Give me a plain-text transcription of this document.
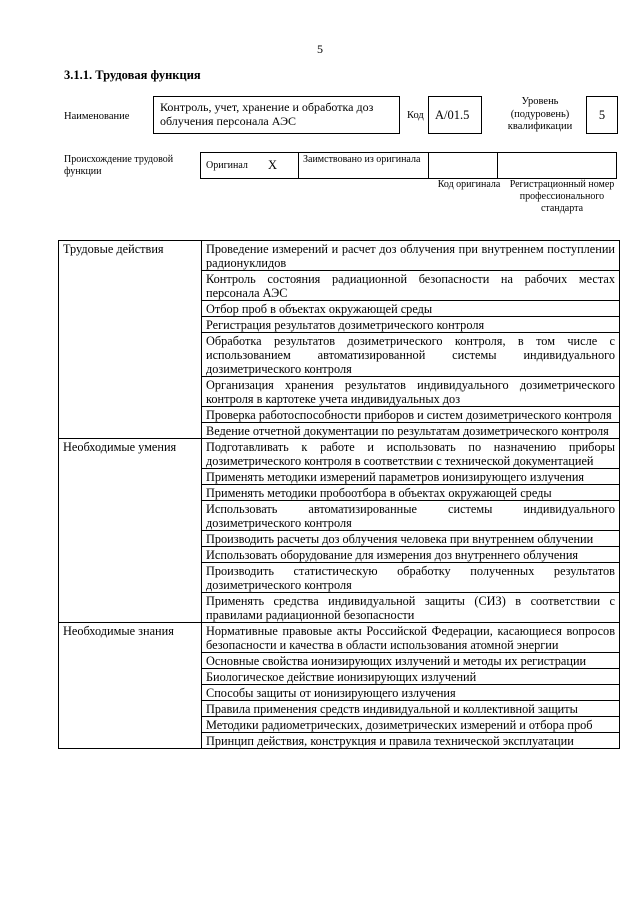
5
3.1.1. Трудовая функция
Наименование
Контроль, учет, хранение и обработка доз облучения персонала АЭС	Код А/01.5
Уровень (подуровень) квалификации
5
Происхождение трудовой функции
Оригинал Х	Заимствовано из оригинала
Код оригинала Регистрационный номер профессионального стандарта
Трудовые действия	Проведение измерений и расчет доз облучения при внутреннем поступлении радионуклидов
	Контроль состояния радиационной безопасности на рабочих местах персонала АЭС
	Отбор проб в объектах окружающей среды
	Регистрация результатов дозиметрического контроля
	Обработка результатов дозиметрического контроля, в том числе с использованием автоматизированной системы индивидуального дозиметрического контроля
	Организация хранения результатов индивидуального дозиметрического контроля в картотеке учета индивидуальных доз
	Проверка работоспособности приборов и систем дозиметрического контроля
	Ведение отчетной документации по результатам дозиметрического контроля
Необходимые умения	Подготавливать к работе и использовать по назначению приборы дозиметрического контроля в соответствии с технической документацией
	Применять методики измерений параметров ионизирующего излучения
	Применять методики пробоотбора в объектах окружающей среды
	Использовать автоматизированные системы индивидуального дозиметрического контроля
	Производить расчеты доз облучения человека при внутреннем облучении
	Использовать оборудование для измерения доз внутреннего облучения
	Производить статистическую обработку полученных результатов дозиметрического контроля
	Применять средства индивидуальной защиты (СИЗ) в соответствии с правилами радиационной безопасности
Необходимые знания	Нормативные правовые акты Российской Федерации, касающиеся вопросов безопасности и качества в области использования атомной энергии
	Основные свойства ионизирующих излучений и методы их регистрации
	Биологическое действие ионизирующих излучений
	Способы защиты от ионизирующего излучения
	Правила применения средств индивидуальной и коллективной защиты
	Методики радиометрических, дозиметрических измерений и отбора проб
	Принцип действия, конструкция и правила технической эксплуатации
